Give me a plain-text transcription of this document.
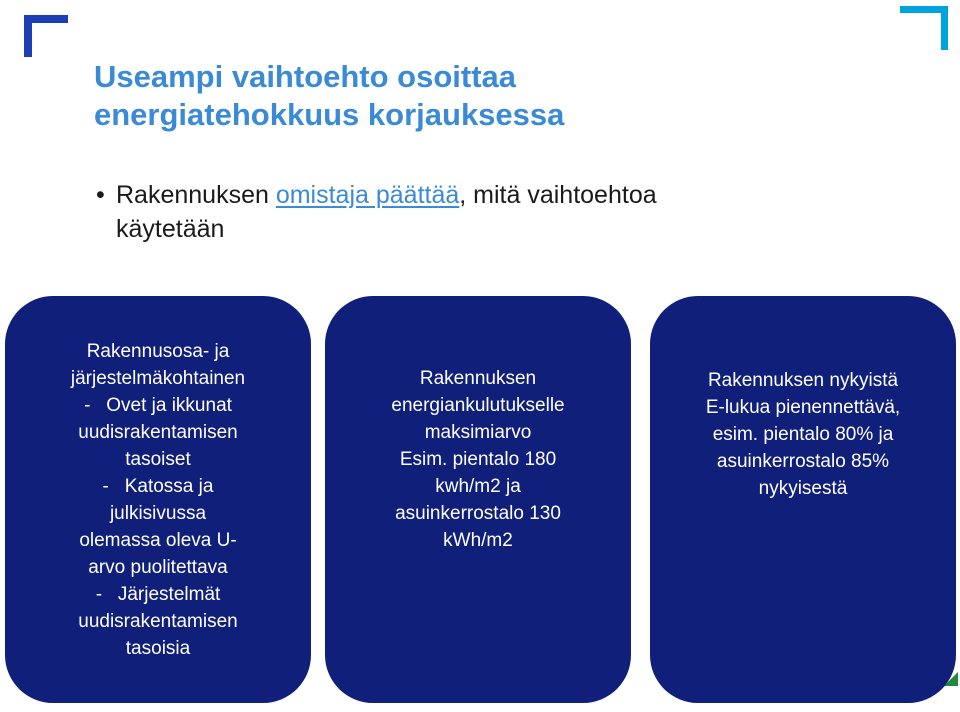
Useampi vaihtoehto osoittaa
energiatehokkuus korjauksessa
• Rakennuksen omistaja päättää, mitä vaihtoehtoa
käytetään
Rakennusosa- ja
järjestelmäkohtainen
-   Ovet ja ikkunat
uudisrakentamisen
tasoiset
-   Katossa ja
julkisivussa
olemassa oleva U-
arvo puolitettava
-   Järjestelmät
uudisrakentamisen
tasoisia
Rakennuksen
energiankulutukselle
maksimiarvo
Esim. pientalo 180
kwh/m2 ja
asuinkerrostalo 130
kWh/m2
Rakennuksen nykyistä
E-lukua pienennettävä,
esim. pientalo 80% ja
asuinkerrostalo 85%
nykyisestä
